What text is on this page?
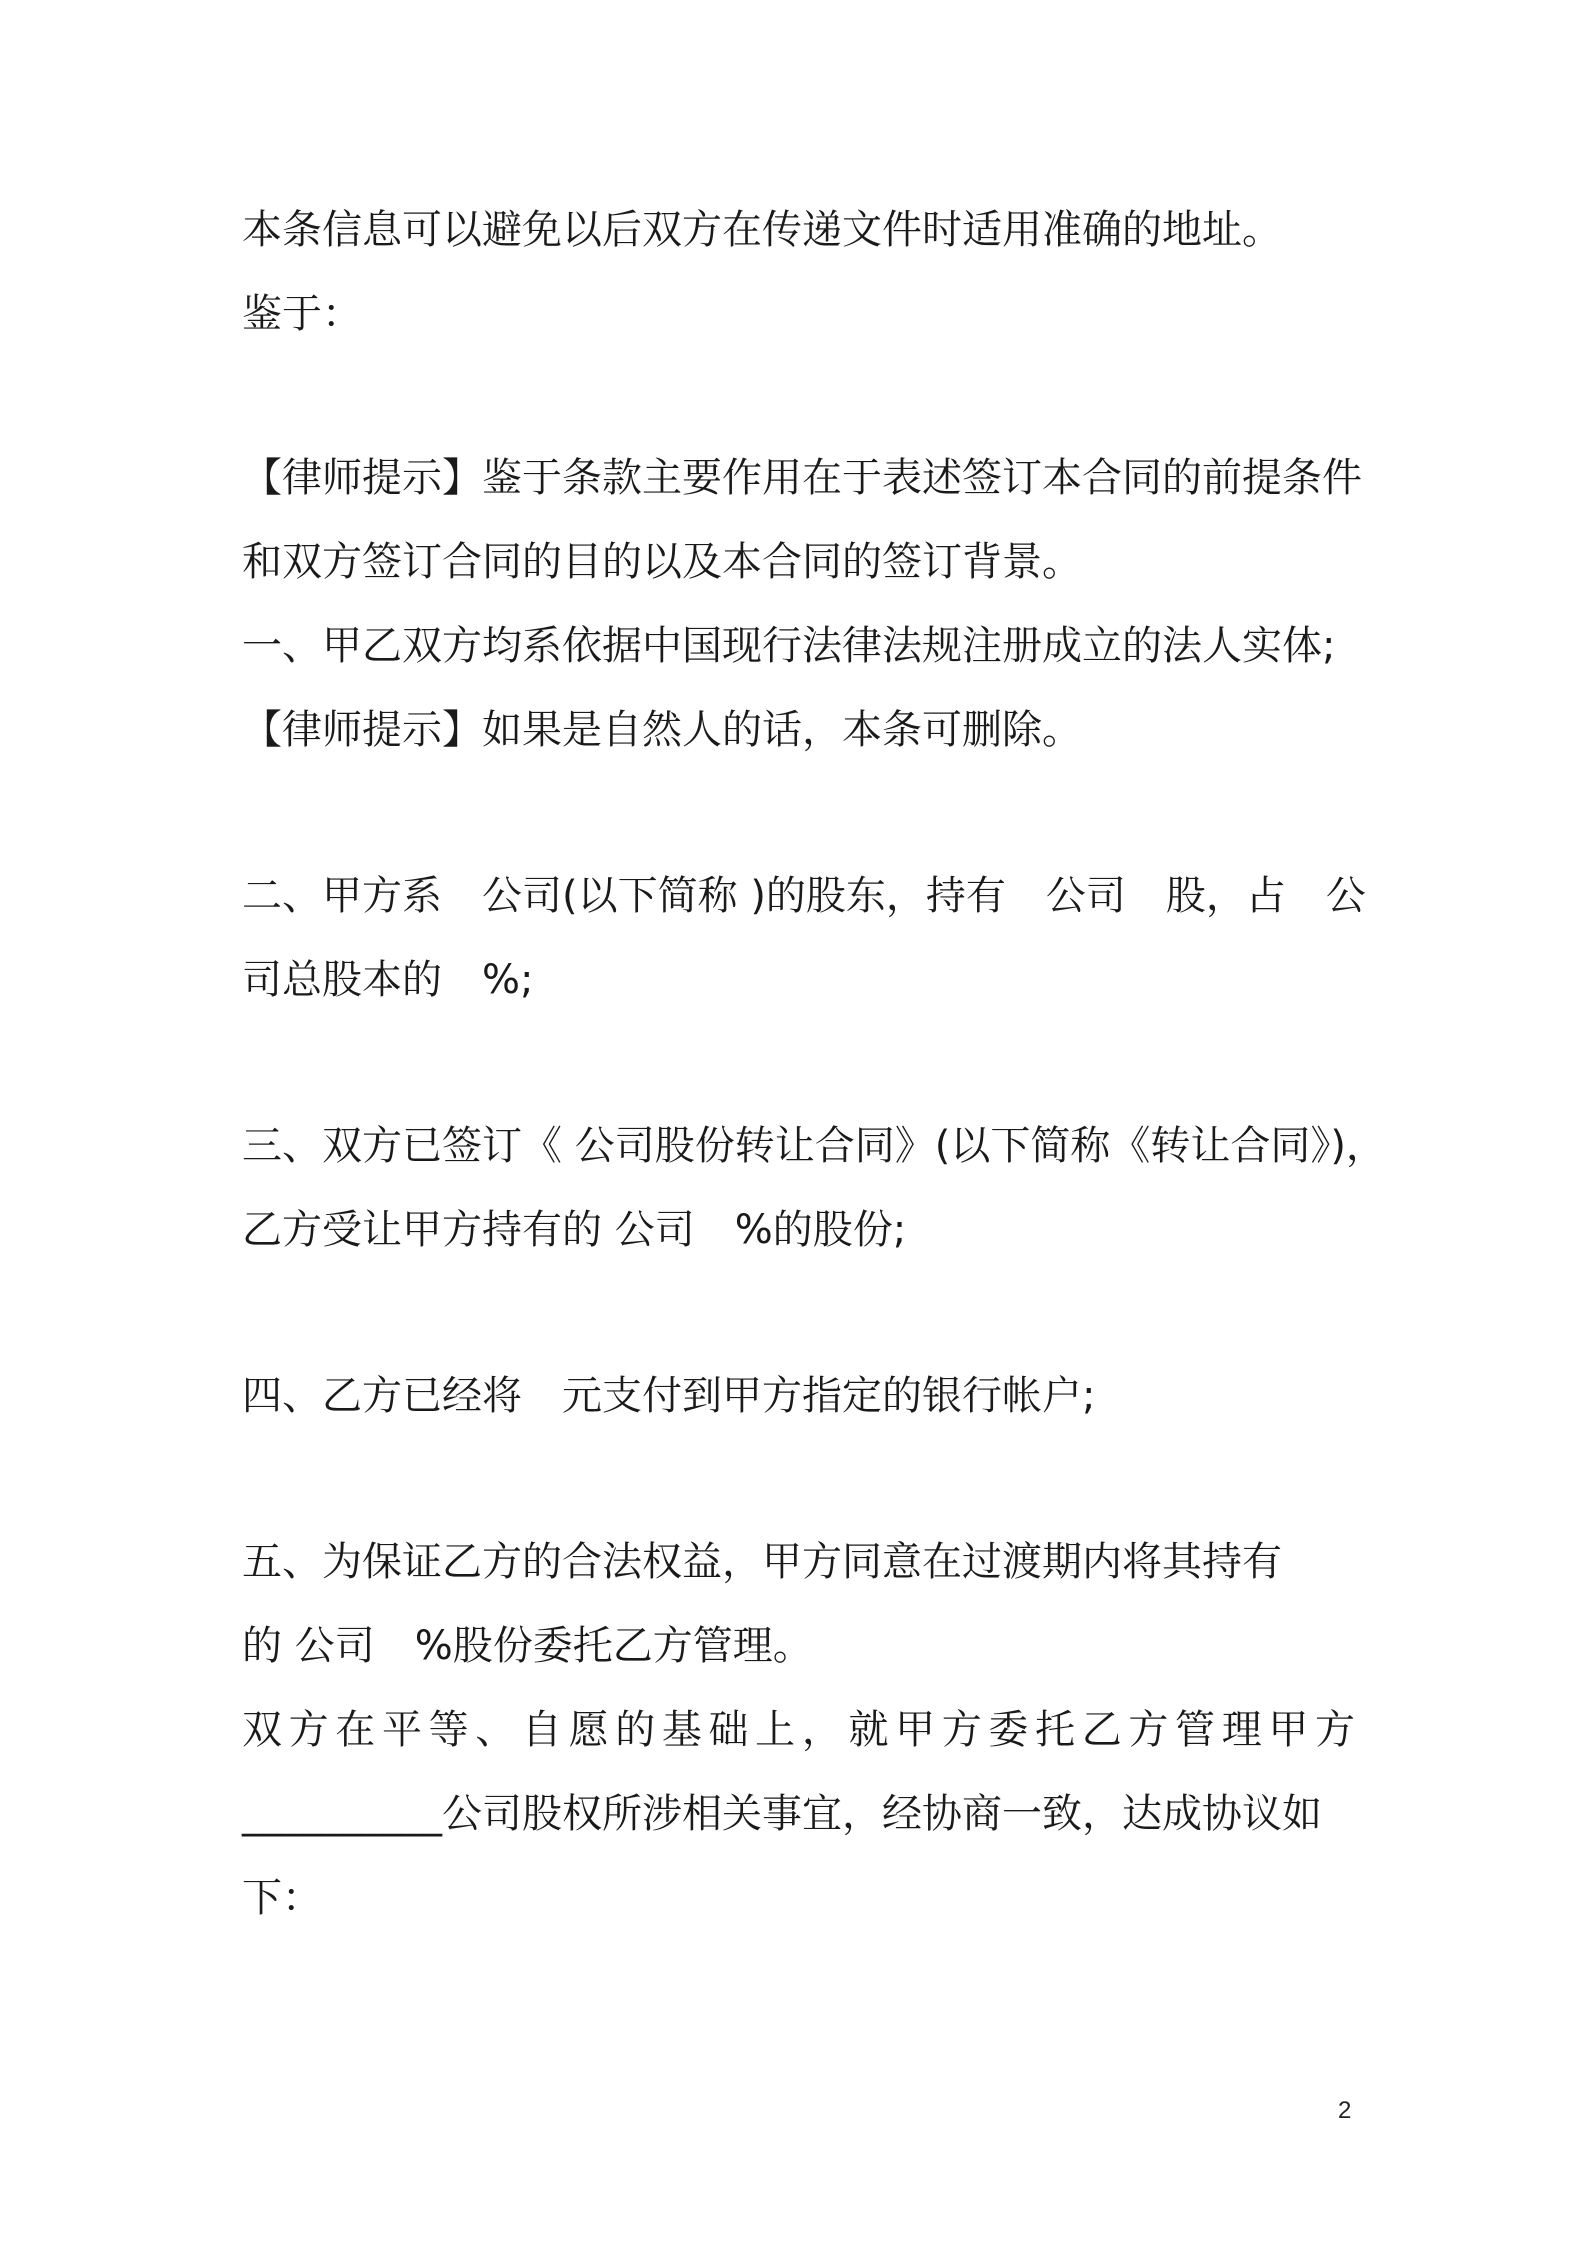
本条信息可以避免以后双方在传递文件时适用准确的地址。
鉴于：
【律师提示】鉴于条款主要作用在于表述签订本合同的前提条件
和双方签订合同的目的以及本合同的签订背景。
一、甲乙双方均系依据中国现行法律法规注册成立的法人实体;
【律师提示】如果是自然人的话，本条可删除。
二、甲方系　公司(以下简称 )的股东，持有　公司　股，占　公
司总股本的　%;
三、双方已签订《 公司股份转让合同》(以下简称《转让合同》)，
乙方受让甲方持有的 公司　%的股份;
四、乙方已经将　元支付到甲方指定的银行帐户;
五、为保证乙方的合法权益，甲方同意在过渡期内将其持有
的 公司　%股份委托乙方管理。
双方在平等、自愿的基础上，就甲方委托乙方管理甲方
__________公司股权所涉相关事宜，经协商一致，达成协议如
下：
2
